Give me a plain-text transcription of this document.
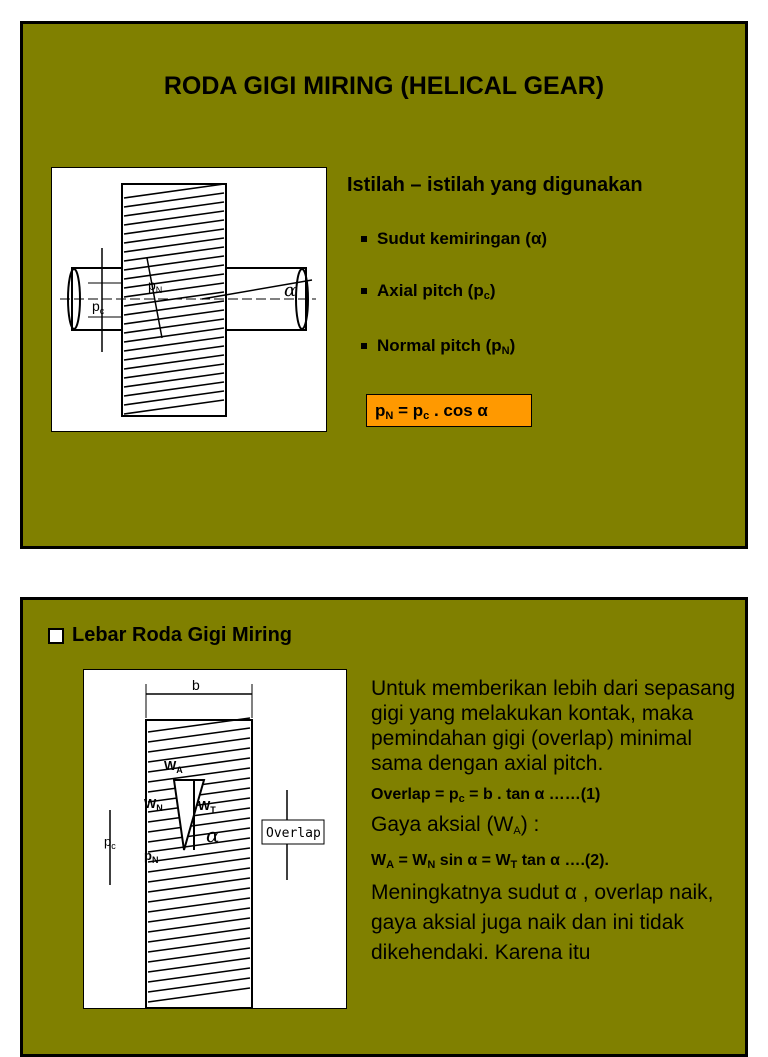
RODA GIGI MIRING (HELICAL GEAR)
$p_c$
$p_N$	α
Istilah – istilah yang digunakan
Sudut kemiringan (α)
Axial pitch $(p_c)$
Normal pitch $(p_N)$
$p_N = p_c$ . cos α
Lebar Roda Gigi Miring
b
$W_A$
$W_N$	$W_T$
α	Overlap
$p_c$
$p_N$
Untuk memberikan lebih dari sepasang gigi yang melakukan kontak, maka pemindahan gigi (overlap) minimal sama dengan axial pitch.
Overlap = $p_c = b$ . tan α ……(1)
Gaya aksial $(W_A)$ :
$W_A = W_N$ $\sin \alpha = W_T$ tan α ….(2).
Meningkatnya sudut α , overlap naik, gaya aksial juga naik dan ini tidak dikehendaki. Karena itu
